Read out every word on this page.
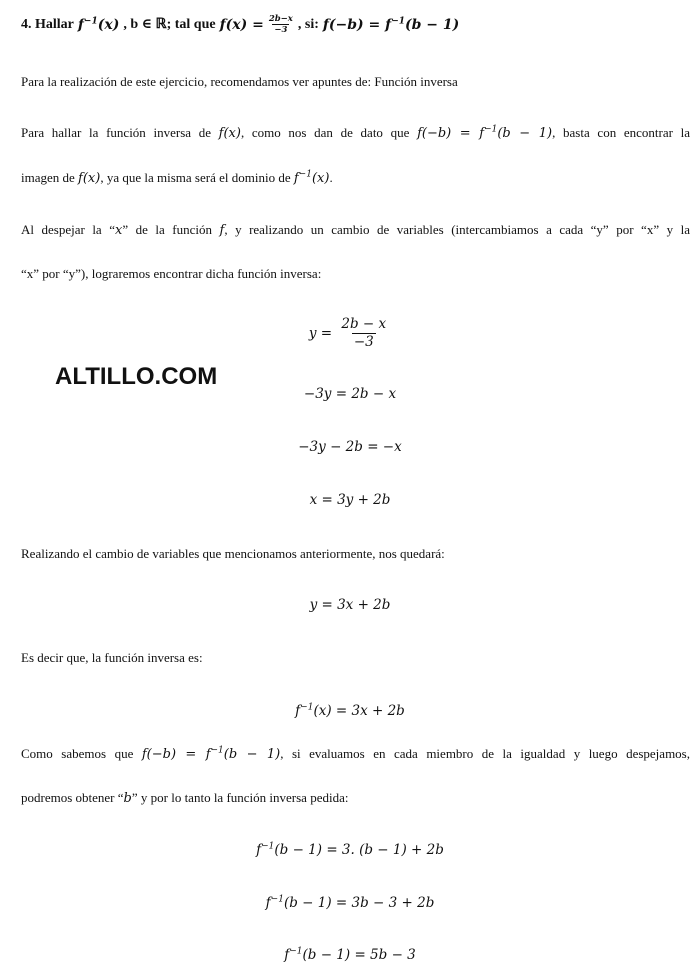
4. Hallar $f^{-1}(x)$ , b ∈ ℝ; tal que $f(x) = \frac{2b-x}{-3}$ , si: $f(-b) = f^{-1}(b - 1)$
Para la realización de este ejercicio, recomendamos ver apuntes de: Función inversa
Para hallar la función inversa de f(x), como nos dan de dato que $f(-b) = f^{-1}(b - 1)$, basta con encontrar la
imagen de f(x), ya que la misma será el dominio de $f^{-1}(x)$.
Al despejar la “x” de la función f, y realizando un cambio de variables (intercambiamos a cada “y” por “x” y la
“x” por “y”), lograremos encontrar dicha función inversa:
$y = \frac{2b - x}{-3}$
ALTILLO.COM
−3y = 2b − x
−3y − 2b = −x
x = 3y + 2b
Realizando el cambio de variables que mencionamos anteriormente, nos quedará:
y = 3x + 2b
Es decir que, la función inversa es:
$f^{-1}(x) = 3x + 2b$
Como sabemos que $f(-b) = f^{-1}(b - 1)$, si evaluamos en cada miembro de la igualdad y luego despejamos,
podremos obtener “b” y por lo tanto la función inversa pedida:
$f^{-1}(b - 1) = 3$. (b − 1) + 2b
$f^{-1}(b - 1) = 3b - 3 + 2b$
$f^{-1}(b - 1) = 5b - 3$
